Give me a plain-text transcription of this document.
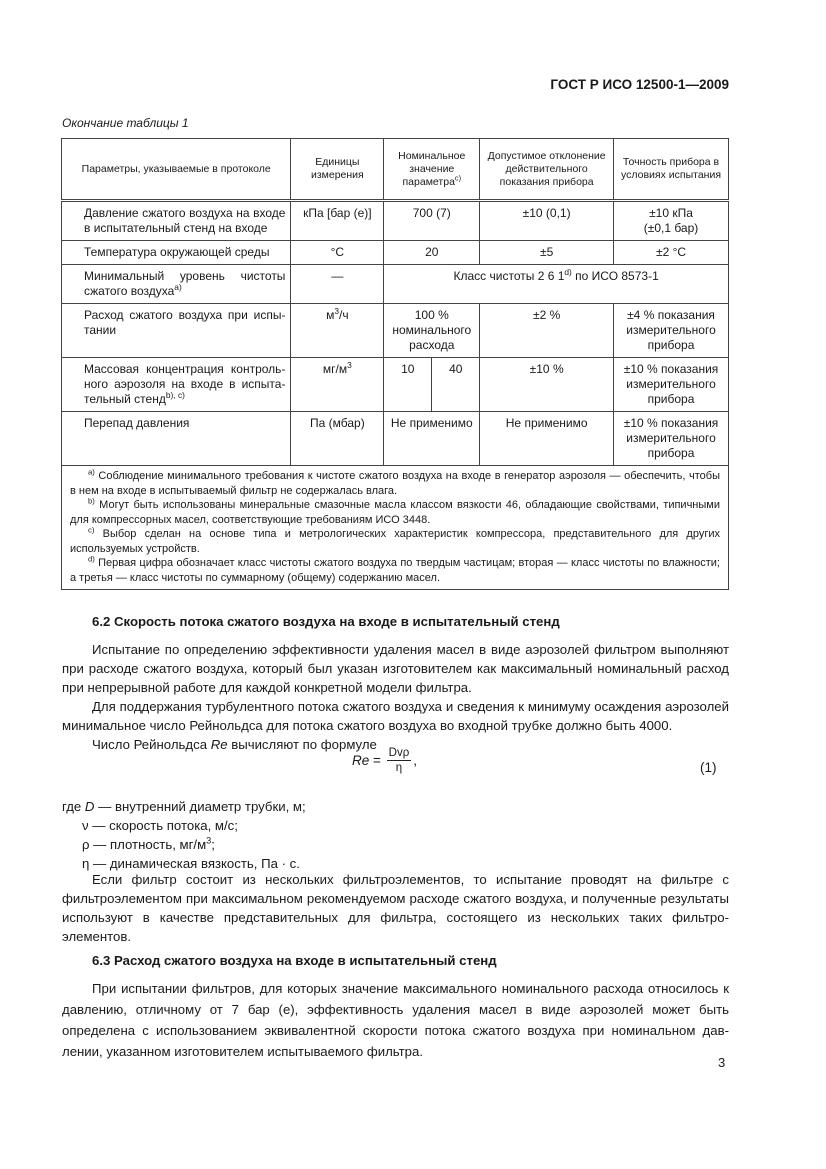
ГОСТ Р ИСО 12500-1—2009
Окончание таблицы 1
Параметры, указываемые в протоколе	Единицы измерения	Номинальное значение параметра$^{c)}$		Допустимое отклонение действительного показания прибора	Точность прибора в условиях испытания
Давление сжатого воздуха на входе в испытательный стенд на входе	кПа [бар (е)]	700 (7)		±10 (0,1)	±10 кПа
(±0,1 бар)

Температура окружающей среды	°С	20		±5	±2 °С
Минимальный уровень чистоты сжатого воздуха$^{a)}$	—	Класс чистоты 2 6 1$^{d)}$ по ИСО 8573-1			
Расход сжатого воздуха при испытании	$м^3/ч$	100 % номинального расхода		±2 %	±4 % показания измерительного прибора
Массовая концентрация контрольного аэрозоля на входе в испытательный стенд$^{b), c)}$	$мг/м^3$	10	40	±10 %	±10 % показания измерительного прибора
Перепад давления	Па (мбар)	Не применимо		Не применимо	±10 % показания измерительного прибора

$^{a)}$ Соблюдение минимального требования к чистоте сжатого воздуха на входе в генератор аэрозоля — обеспечить, чтобы в нем на входе в испытываемый фильтр не содержалась влага.

$^{b)}$ Могут быть использованы минеральные смазочные масла классом вязкости 46, обладающие свойствами, типичными для компрессорных масел, соответствующие требованиям ИСО 3448.

$^{c)}$ Выбор сделан на основе типа и метрологических характеристик компрессора, представительного для других используемых устройств.

$^{d)}$ Первая цифра обозначает класс чистоты сжатого воздуха по твердым частицам; вторая — класс чистоты по влажности; а третья — класс чистоты по суммарному (общему) содержанию масел.					

6.2 Скорость потока сжатого воздуха на входе в испытательный стенд

Испытание по определению эффективности удаления масел в виде аэрозолей фильтром выполняют при расходе сжатого воздуха, который был указан изготовителем как максимальный номинальный расход при непрерывной работе для каждой конкретной модели фильтра.

Для поддержания турбулентного потока сжатого воздуха и сведения к минимуму осаждения аэрозолей минимальное число Рейнольдса для потока сжатого воздуха во входной трубке должно быть 4000.

Число Рейнольдса Re вычисляют по формуле

$Re = \frac{\text{Dvρ}}{\eta}$ ,	(1)
где D — внутренний диаметр трубки, м;
ν — скорость потока, м/с;
ρ — плотность, $мг/м^3$;
η — динамическая вязкость, Па · с.

Если фильтр состоит из нескольких фильтроэлементов, то испытание проводят на фильтре с фильтроэлементом при максимальном рекомендуемом расходе сжатого воздуха, и полученные результаты используют в качестве представительных для фильтра, состоящего из нескольких таких фильтроэлементов.

6.3 Расход сжатого воздуха на входе в испытательный стенд

При испытании фильтров, для которых значение максимального номинального расхода относилось к давлению, отличному от 7 бар (е), эффективность удаления масел в виде аэрозолей может быть определена с использованием эквивалентной скорости потока сжатого воздуха при номинальном давлении, указанном изготовителем испытываемого фильтра.

3
